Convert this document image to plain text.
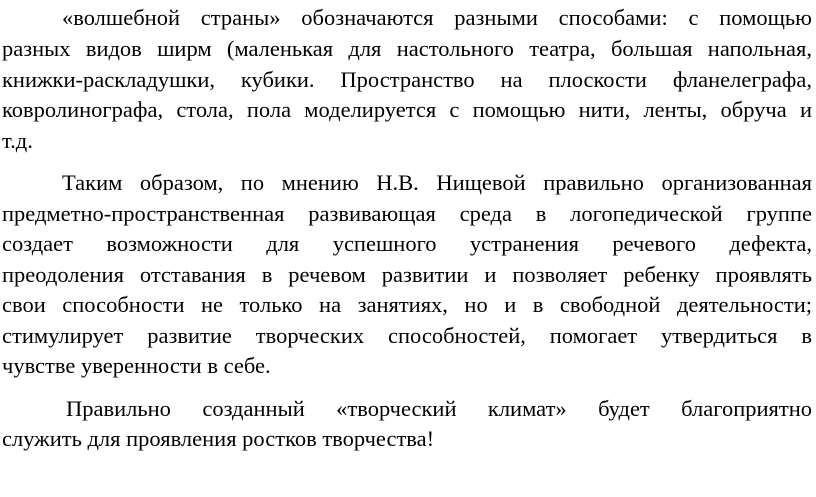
«волшебной страны» обозначаются разными способами: с помощью
разных видов ширм (маленькая для настольного театра, большая напольная,
книжки-раскладушки, кубики. Пространство на плоскости фланелеграфа,
ковролинографа, стола, пола моделируется с помощью нити, ленты, обруча и
т.д.
Таким образом, по мнению Н.В. Нищевой правильно организованная
предметно-пространственная развивающая среда в логопедической группе
создает возможности для успешного устранения речевого дефекта,
преодоления отставания в речевом развитии и позволяет ребенку проявлять
свои способности не только на занятиях, но и в свободной деятельности;
стимулирует развитие творческих способностей, помогает утвердиться в
чувстве уверенности в себе.
Правильно созданный «творческий климат» будет благоприятно
служить для проявления ростков творчества!
